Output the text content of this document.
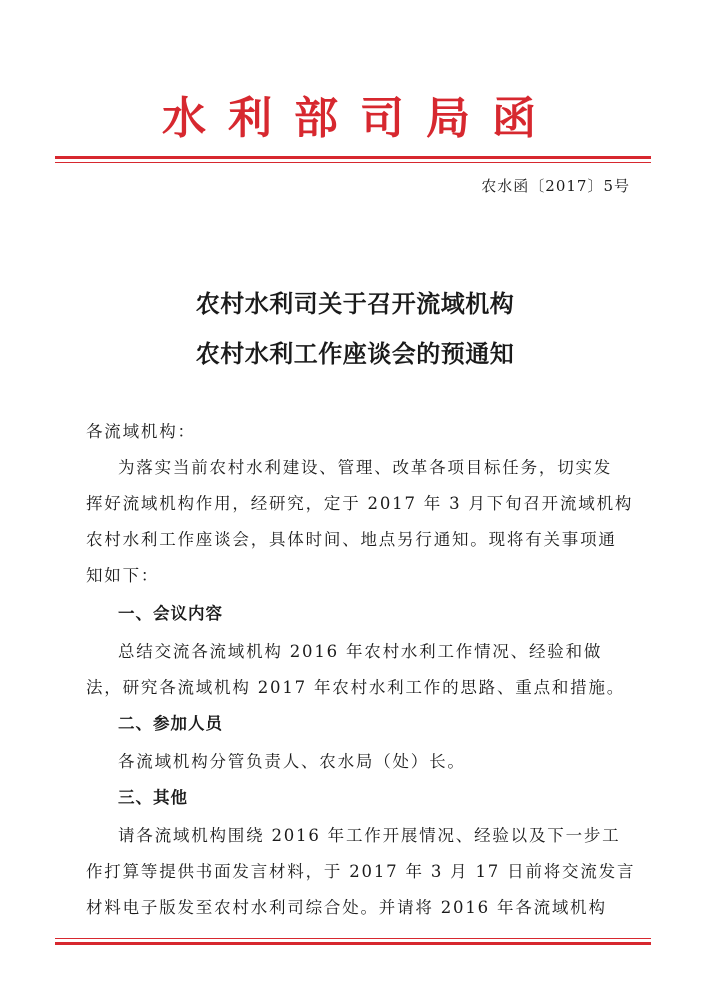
水利部司局函
农水函〔2017〕5号
农村水利司关于召开流域机构
农村水利工作座谈会的预通知
各流域机构：
为落实当前农村水利建设、管理、改革各项目标任务，切实发
挥好流域机构作用，经研究，定于 2017 年 3 月下旬召开流域机构
农村水利工作座谈会，具体时间、地点另行通知。现将有关事项通
知如下：
一、会议内容
总结交流各流域机构 2016 年农村水利工作情况、经验和做
法，研究各流域机构 2017 年农村水利工作的思路、重点和措施。
二、参加人员
各流域机构分管负责人、农水局（处）长。
三、其他
请各流域机构围绕 2016 年工作开展情况、经验以及下一步工
作打算等提供书面发言材料，于 2017 年 3 月 17 日前将交流发言
材料电子版发至农村水利司综合处。并请将 2016 年各流域机构
